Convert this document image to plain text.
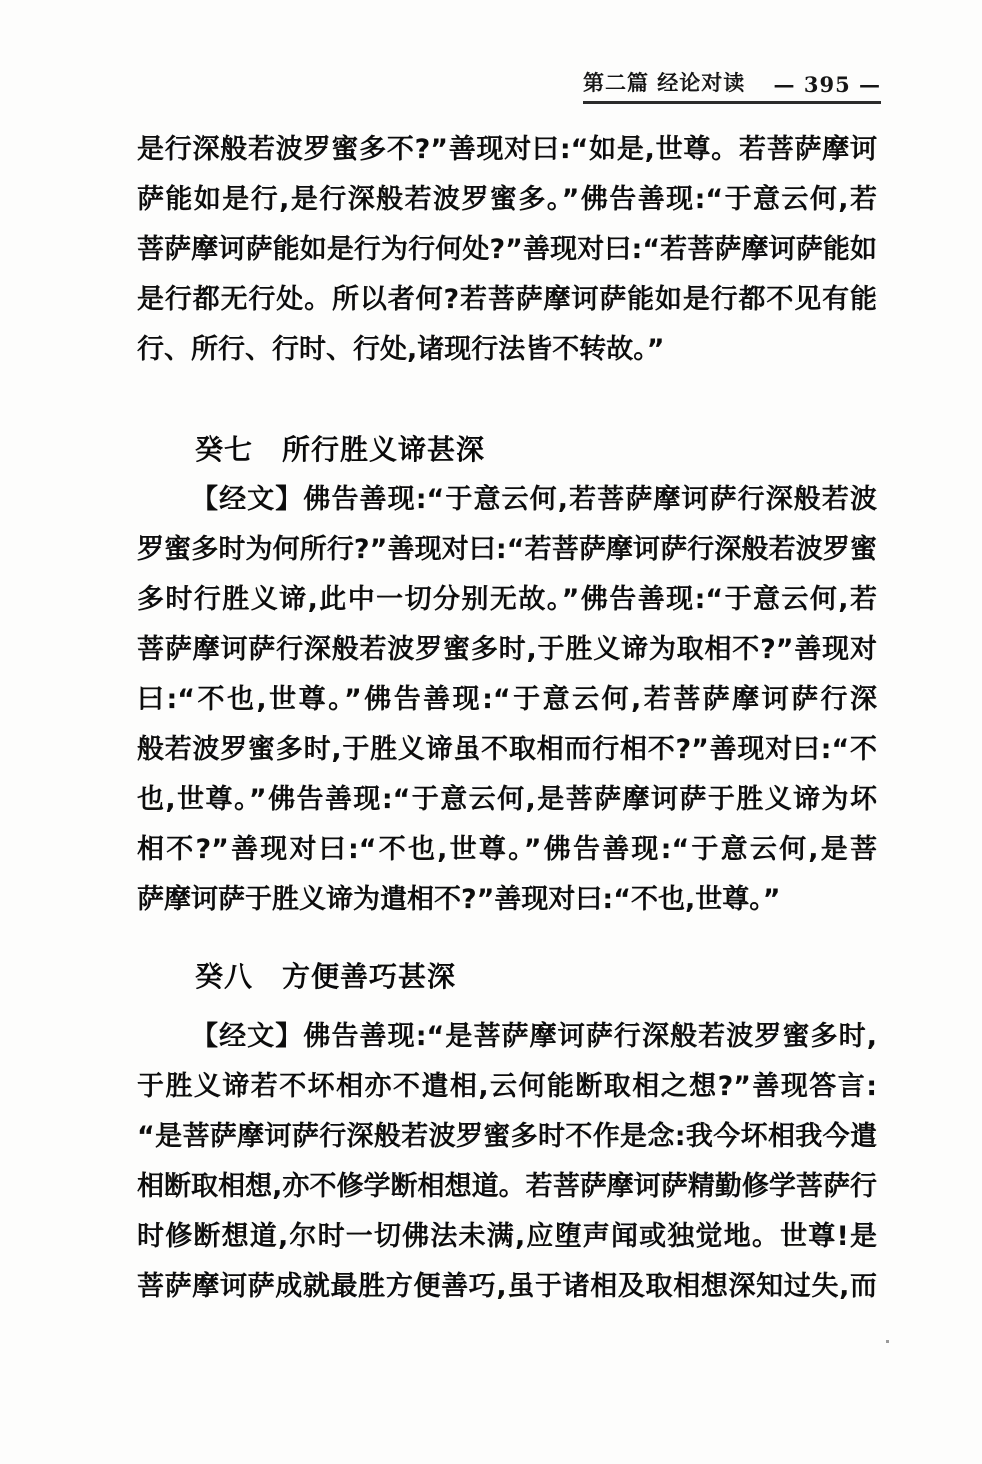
第二篇 经论对读 — 395 —
是行深般若波罗蜜多不?”善现对曰:“如是,世尊。若菩萨摩诃
萨能如是行,是行深般若波罗蜜多。”佛告善现:“于意云何,若
菩萨摩诃萨能如是行为行何处?”善现对曰:“若菩萨摩诃萨能如
是行都无行处。所以者何?若菩萨摩诃萨能如是行都不见有能
行、所行、行时、行处,诸现行法皆不转故。”
癸七　所行胜义谛甚深
【经文】佛告善现:“于意云何,若菩萨摩诃萨行深般若波
罗蜜多时为何所行?”善现对曰:“若菩萨摩诃萨行深般若波罗蜜
多时行胜义谛,此中一切分别无故。”佛告善现:“于意云何,若
菩萨摩诃萨行深般若波罗蜜多时,于胜义谛为取相不?”善现对
曰:“不也,世尊。”佛告善现:“于意云何,若菩萨摩诃萨行深
般若波罗蜜多时,于胜义谛虽不取相而行相不?”善现对曰:“不
也,世尊。”佛告善现:“于意云何,是菩萨摩诃萨于胜义谛为坏
相不?”善现对曰:“不也,世尊。”佛告善现:“于意云何,是菩
萨摩诃萨于胜义谛为遣相不?”善现对曰:“不也,世尊。”
癸八　方便善巧甚深
【经文】佛告善现:“是菩萨摩诃萨行深般若波罗蜜多时,
于胜义谛若不坏相亦不遣相,云何能断取相之想?”善现答言:
“是菩萨摩诃萨行深般若波罗蜜多时不作是念:我今坏相我今遣
相断取相想,亦不修学断相想道。若菩萨摩诃萨精勤修学菩萨行
时修断想道,尔时一切佛法未满,应堕声闻或独觉地。世尊!是
菩萨摩诃萨成就最胜方便善巧,虽于诸相及取相想深知过失,而
